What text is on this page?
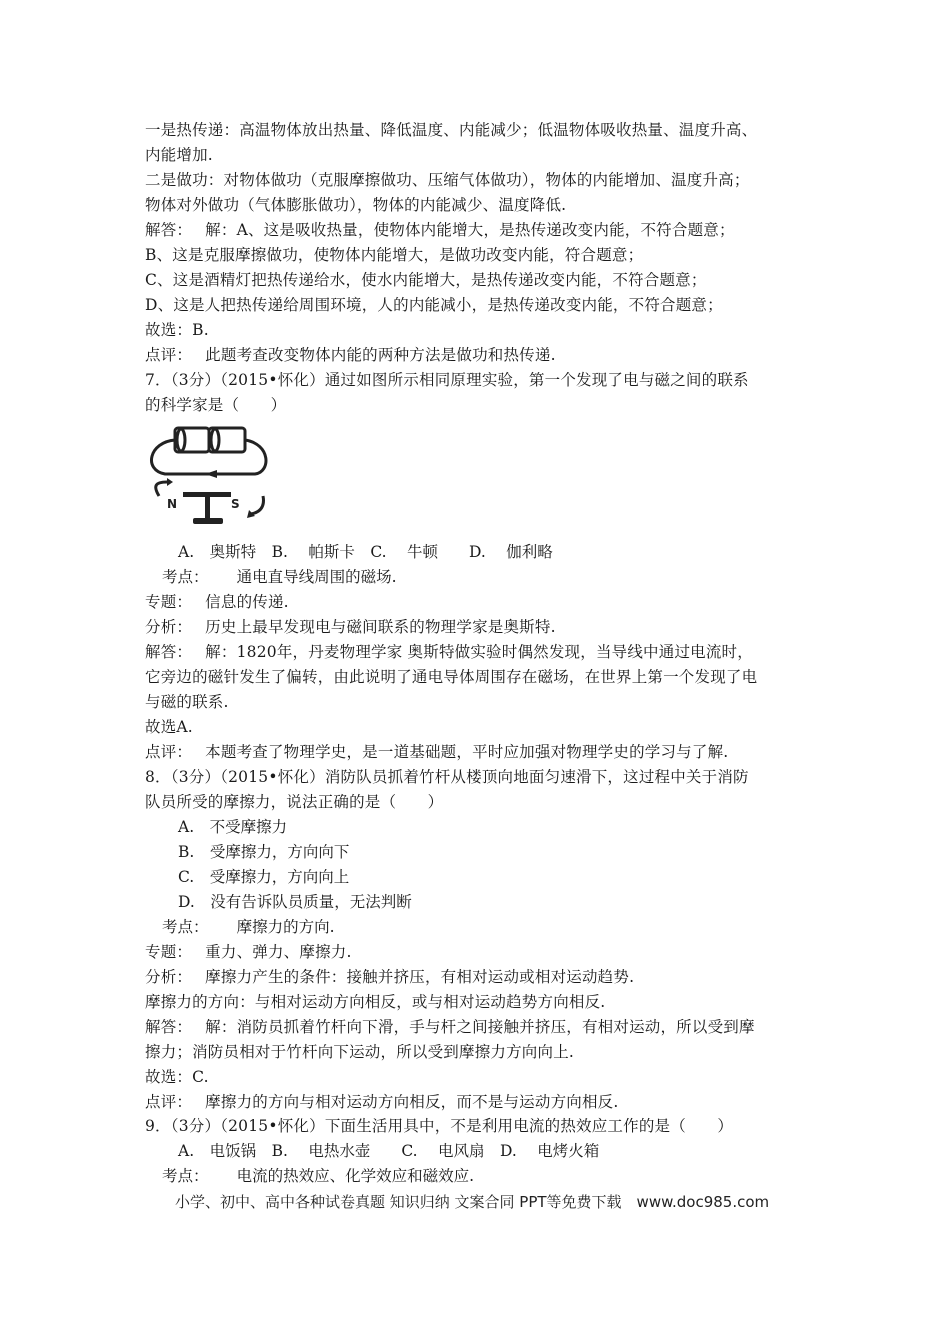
一是热传递：高温物体放出热量、降低温度、内能减少；低温物体吸收热量、温度升高、
内能增加.
二是做功：对物体做功（克服摩擦做功、压缩气体做功），物体的内能增加、温度升高；
物体对外做功（气体膨胀做功），物体的内能减少、温度降低.
解答：　 解：A、这是吸收热量，使物体内能增大，是热传递改变内能，不符合题意；
B、这是克服摩擦做功，使物体内能增大，是做功改变内能，符合题意；
C、这是酒精灯把热传递给水，使水内能增大，是热传递改变内能，不符合题意；
D、这是人把热传递给周围环境，人的内能减小，是热传递改变内能，不符合题意；
故选：B.
点评：　 此题考查改变物体内能的两种方法是做功和热传递.
7．（3分）（2015•怀化）通过如图所示相同原理实验，第一个发现了电与磁之间的联系
的科学家是（　　）
N	S
A.　奥斯特　B.　 帕斯卡　C.　 牛顿　　D.　 伽利略
考点：　　 通电直导线周围的磁场.
专题：　 信息的传递.
分析：　 历史上最早发现电与磁间联系的物理学家是奥斯特.
解答：　 解：1820年，丹麦物理学家 奥斯特做实验时偶然发现，当导线中通过电流时，
它旁边的磁针发生了偏转，由此说明了通电导体周围存在磁场，在世界上第一个发现了电
与磁的联系.
故选A.
点评：　 本题考查了物理学史，是一道基础题，平时应加强对物理学史的学习与了解.
8．（3分）（2015•怀化）消防队员抓着竹杆从楼顶向地面匀速滑下，这过程中关于消防
队员所受的摩擦力，说法正确的是（　　）
A.　不受摩擦力
B.　受摩擦力，方向向下
C.　受摩擦力，方向向上
D.　没有告诉队员质量，无法判断
考点：　　 摩擦力的方向.
专题：　 重力、弹力、摩擦力.
分析：　 摩擦力产生的条件：接触并挤压，有相对运动或相对运动趋势.
摩擦力的方向：与相对运动方向相反，或与相对运动趋势方向相反.
解答：　 解：消防员抓着竹杆向下滑，手与杆之间接触并挤压，有相对运动，所以受到摩
擦力；消防员相对于竹杆向下运动，所以受到摩擦力方向向上.
故选：C.
点评：　 摩擦力的方向与相对运动方向相反，而不是与运动方向相反.
9．（3分）（2015•怀化）下面生活用具中，不是利用电流的热效应工作的是（　　）
A.　电饭锅　B.　 电热水壶　　C.　 电风扇　D.　 电烤火箱
考点：　　 电流的热效应、化学效应和磁效应.
小学、初中、高中各种试卷真题 知识归纳 文案合同 PPT等免费下载　www.doc985.com
